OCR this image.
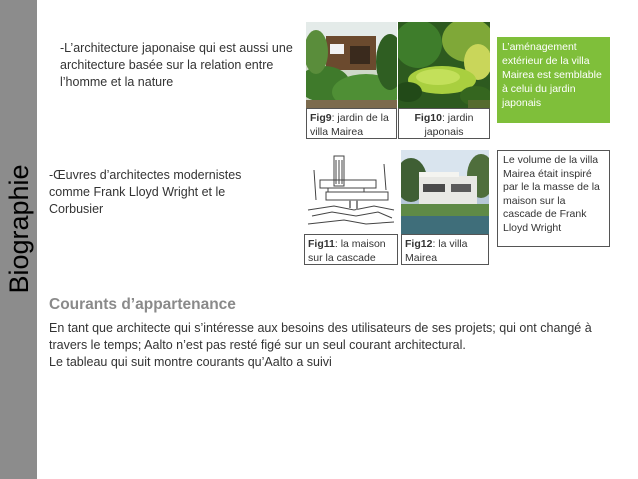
Biographie
-L’architecture japonaise qui est aussi une architecture basée sur la relation entre l’homme et la nature
-Œuvres d’architectes modernistes comme Frank Lloyd Wright et le Corbusier
Fig9: jardin de la villa Mairea
Fig10: jardin japonais
L’aménagement extérieur de la villa Mairea est semblable à celui du jardin japonais
Fig11: la maison sur la cascade
Fig12: la villa Mairea
Le volume de la villa Mairea était inspiré par le la masse de la maison sur la cascade de Frank Lloyd Wright
Courants d’appartenance
En tant que architecte qui s’intéresse aux besoins des utilisateurs de ses projets; qui ont changé à travers le temps; Aalto n’est pas resté figé sur un seul courant architectural.
Le tableau qui suit montre courants qu’Aalto a suivi
